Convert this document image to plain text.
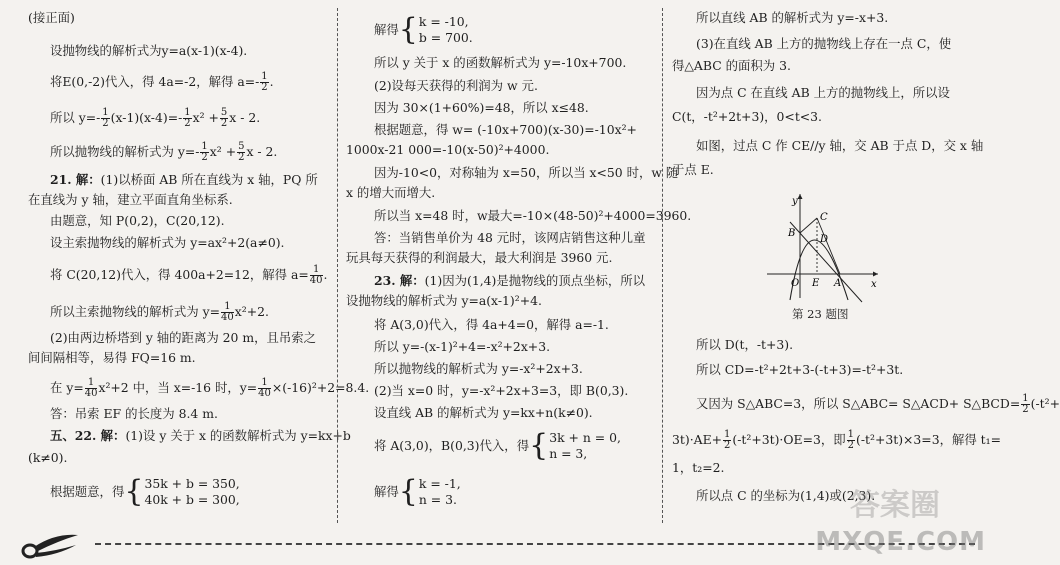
(接正面)
设抛物线的解析式为y=a(x-1)(x-4).
将E(0,-2)代入，得 4a=-2，解得 $a=- \frac{1}{2}$ .
所以 $y=- \frac{1}{2} (x-1)(x-4)=- \frac{1}{2} x^2 + \frac{5}{2}$ x - 2.
所以抛物线的解析式为 $y=- \frac{1}{2} x^2 + \frac{5}{2}$ x - 2.
21. 解：(1)以桥面 AB 所在直线为 x 轴，PQ 所
在直线为 y 轴，建立平面直角坐标系.
由题意，知 P(0,2)，C(20,12).
设主索抛物线的解析式为 y=ax²+2(a≠0).
将 C(20,12)代入，得 400a+2=12，解得 $a= \frac{1}{40}$ .
所以主索抛物线的解析式为 $y= \frac{1}{40} x^2+2$.
(2)由两边桥塔到 y 轴的距离为 20 m，且吊索之
间间隔相等，易得 FQ=16 m.
在 $y= \frac{1}{40} x^2+2$ 中，当 x=-16 时，$y= \frac{1}{40} \times(-16)^2+2=8.4$.
答：吊索 EF 的长度为 8.4 m.
五、22. 解：(1)设 y 关于 x 的函数解析式为 y=kx+b
(k≠0).
根据题意，得{ 35k + b = 350,
40k + b = 300,
解得{ k = -10,
b = 700.
所以 y 关于 x 的函数解析式为 y=-10x+700.
(2)设每天获得的利润为 w 元.
因为 30×(1+60%)=48，所以 x≤48.
根据题意，得 w= (-10x+700)(x-30)=-10x²+
1000x-21 000=-10(x-50)²+4000.
因为-10<0，对称轴为 x=50，所以当 x<50 时，w 随
x 的增大而增大.
所以当 x=48 时，w最大=-10×(48-50)²+4000=3960.
答：当销售单价为 48 元时，该网店销售这种儿童
玩具每天获得的利润最大，最大利润是 3960 元.
23. 解：(1)因为(1,4)是抛物线的顶点坐标，所以
设抛物线的解析式为 y=a(x-1)²+4.
将 A(3,0)代入，得 4a+4=0，解得 a=-1.
所以 y=-(x-1)²+4=-x²+2x+3.
所以抛物线的解析式为 y=-x²+2x+3.
(2)当 x=0 时，y=-x²+2x+3=3，即 B(0,3).
设直线 AB 的解析式为 y=kx+n(k≠0).
将 A(3,0)，B(0,3)代入，得{ 3k + n = 0,
n = 3,
解得{ k = -1,
n = 3.
所以直线 AB 的解析式为 y=-x+3.
(3)在直线 AB 上方的抛物线上存在一点 C，使
得△ABC 的面积为 3.
因为点 C 在直线 AB 上方的抛物线上，所以设
C(t，-t²+2t+3)，0<t<3.
如图，过点 C 作 CE//y 轴，交 AB 于点 D，交 x 轴
于点 E.
y
x
B
C
D
O E A
第 23 题图
所以 D(t，-t+3).
所以 CD=-t²+2t+3-(-t+3)=-t²+3t.
又因为 S△ABC=3，所以 S△ABC= S△ACD+ S△BCD= $\frac{1}{2} (-t^2+$
$3t)\cdot AE+ \frac{1}{2} (-t^2+3t)\cdot OE=3$，即 $\frac{1}{2} (-t^2+3t)\times 3=3$，解得 t₁=
1，t₂=2.
所以点 C 的坐标为(1,4)或(2,3).
答案圈
MXQE.COM
